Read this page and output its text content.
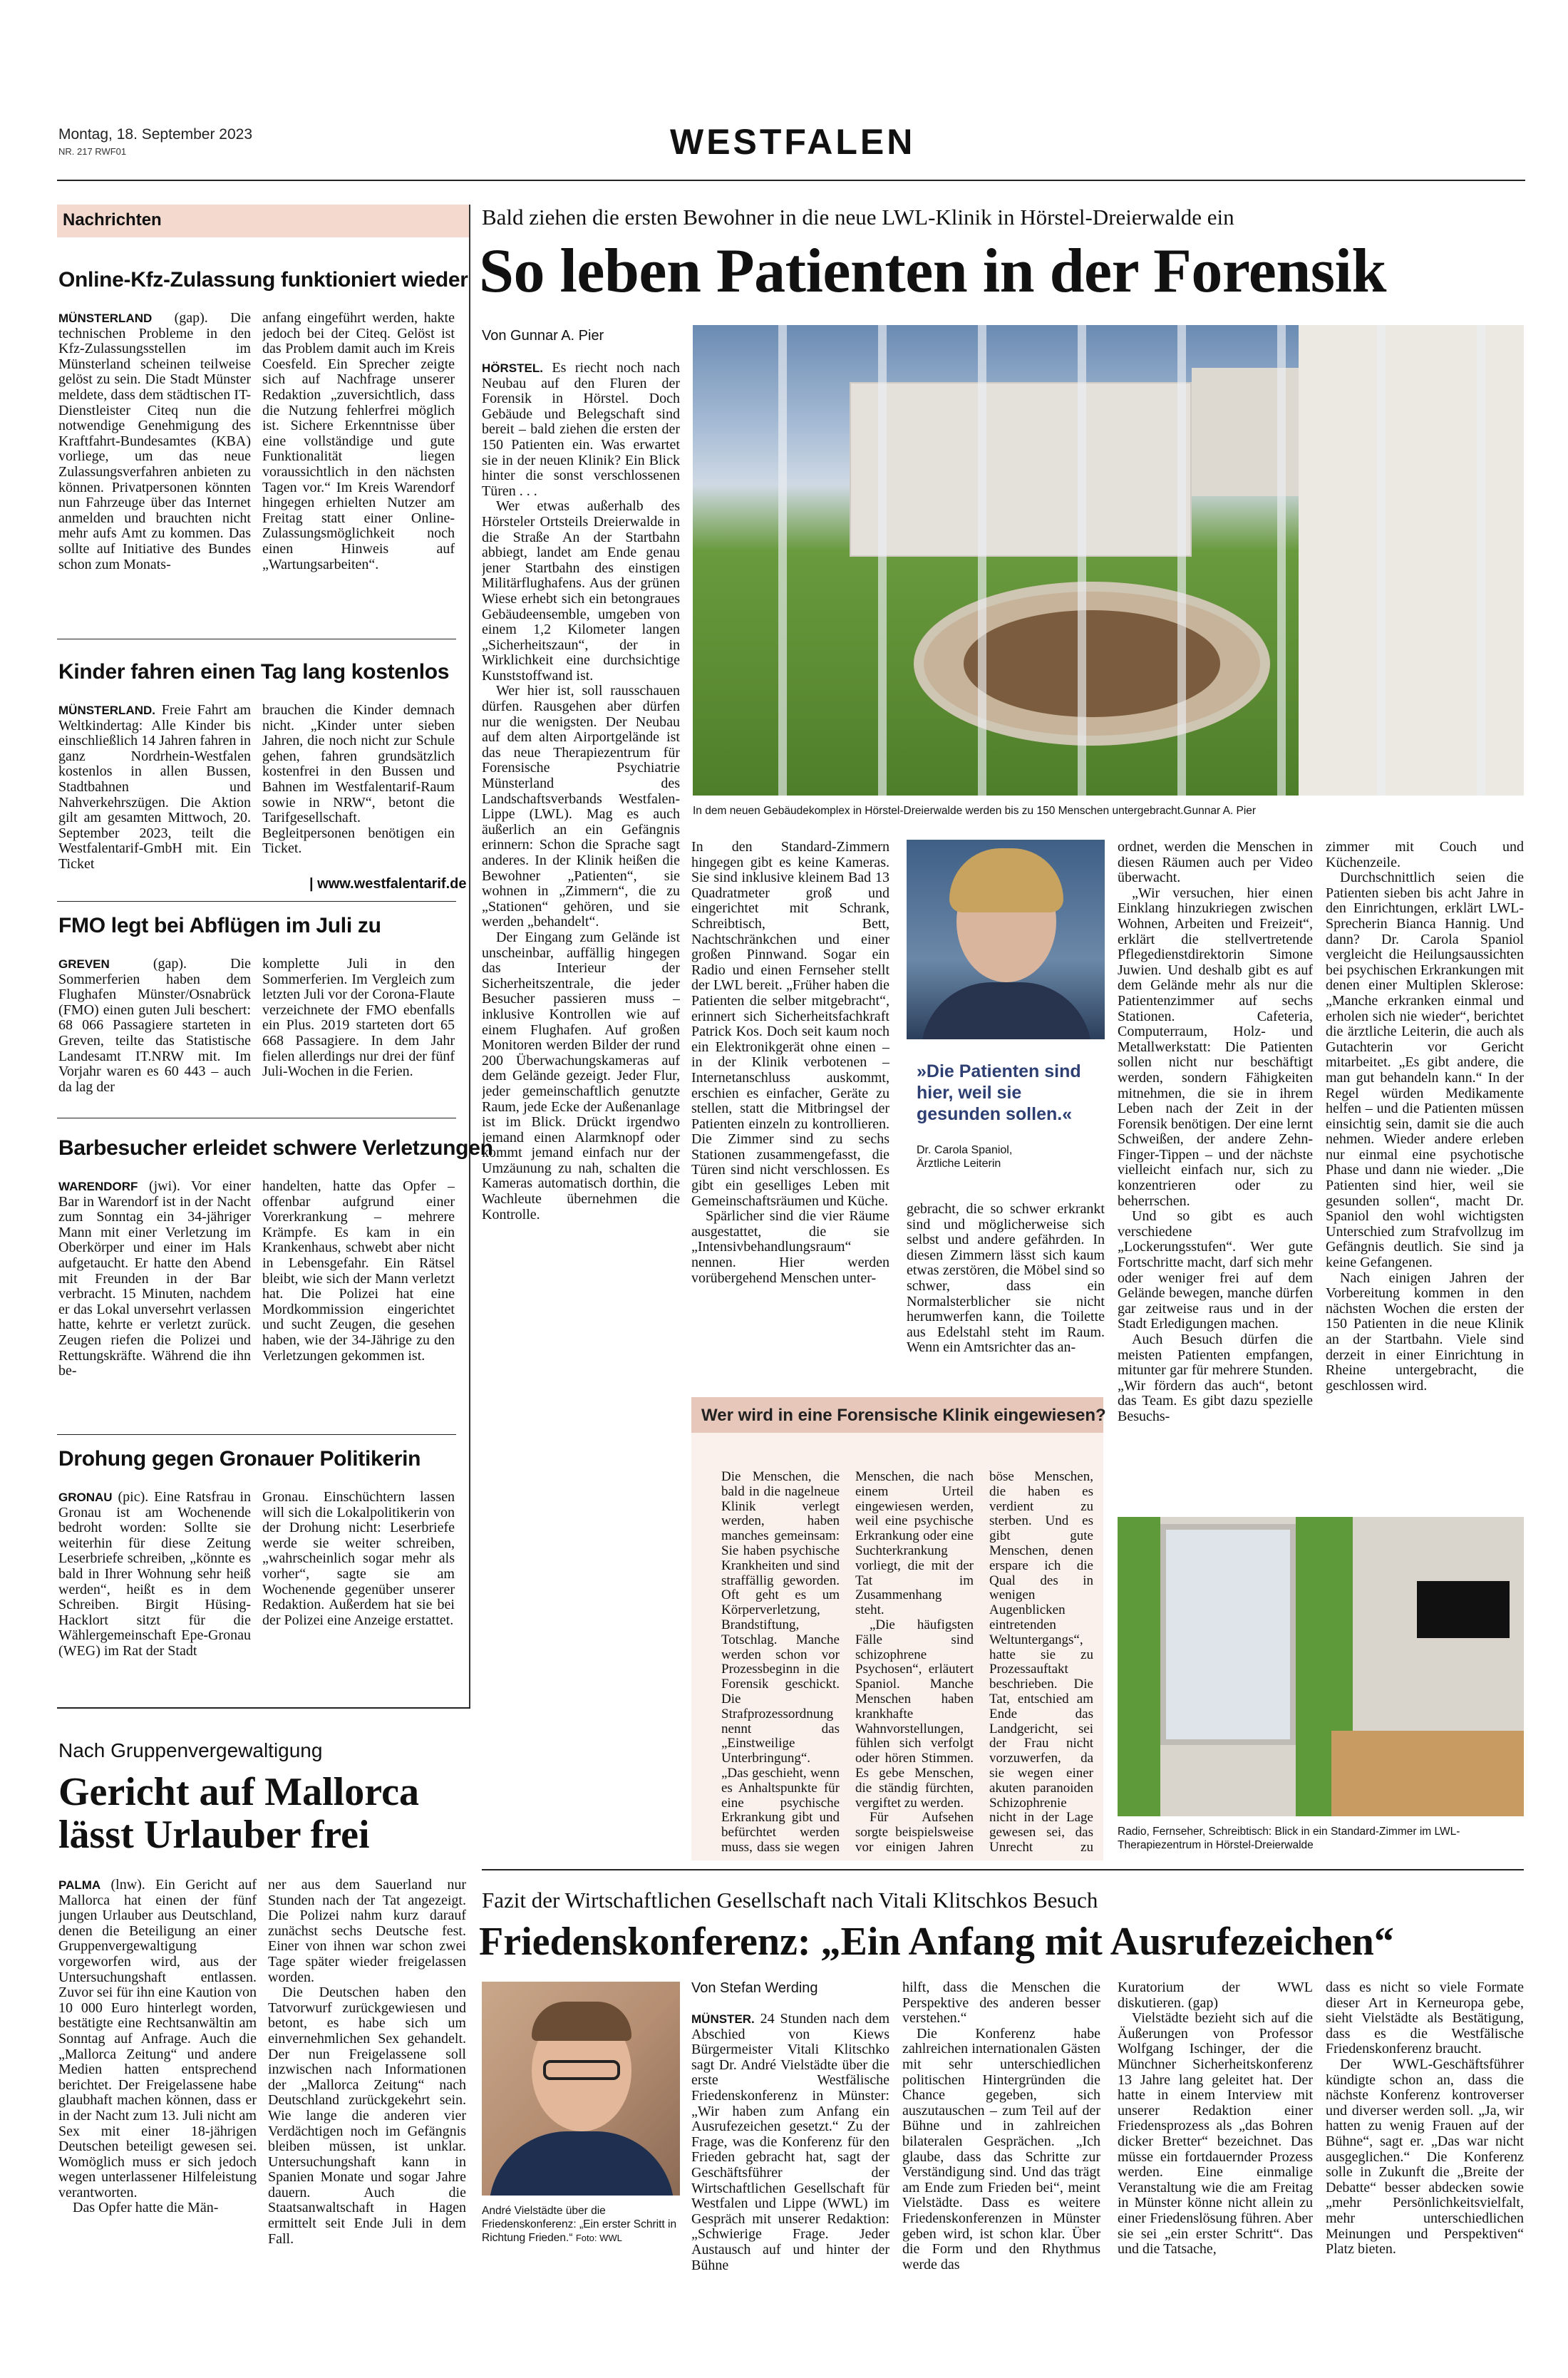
Montag, 18. September 2023
NR. 217 RWF01	WESTFALEN
Nachrichten
Online-Kfz-Zulassung funktioniert wieder

MÜNSTERLAND (gap). Die technischen Probleme in den Kfz-Zulassungsstellen im Münsterland scheinen teilweise gelöst zu sein. Die Stadt Münster meldete, dass dem städtischen IT-Dienstleister Citeq nun die notwendige Genehmigung des Kraftfahrt-Bundesamtes (KBA) vorliege, um das neue Zulassungsverfahren anbieten zu können. Privatpersonen könnten nun Fahrzeuge über das Internet anmelden und brauchten nicht mehr aufs Amt zu kommen. Das sollte auf Initiative des Bundes schon zum Monats-

anfang eingeführt werden, hakte jedoch bei der Citeq. Gelöst ist das Problem damit auch im Kreis Coesfeld. Ein Sprecher zeigte sich auf Nachfrage unserer Redaktion „zuversichtlich, dass die Nutzung fehlerfrei möglich ist. Sichere Erkenntnisse über eine vollständige und gute Funktionalität liegen voraussichtlich in den nächsten Tagen vor.“ Im Kreis Warendorf hingegen erhielten Nutzer am Freitag statt einer Online-Zulassungsmöglichkeit noch einen Hinweis auf „Wartungsarbeiten“.

Kinder fahren einen Tag lang kostenlos

MÜNSTERLAND. Freie Fahrt am Weltkindertag: Alle Kinder bis einschließlich 14 Jahren fahren in ganz Nordrhein-Westfalen kostenlos in allen Bussen, Stadtbahnen und Nahverkehrszügen. Die Aktion gilt am gesamten Mittwoch, 20. September 2023, teilt die Westfalentarif-GmbH mit. Ein Ticket

brauchen die Kinder demnach nicht. „Kinder unter sieben Jahren, die noch nicht zur Schule gehen, fahren grundsätzlich kostenfrei in den Bussen und Bahnen im Westfalentarif-Raum sowie in NRW“, betont die Tarifgesellschaft. Begleitpersonen benötigen ein Ticket.

| www.westfalentarif.de
FMO legt bei Abflügen im Juli zu

GREVEN (gap). Die Sommerferien haben dem Flughafen Münster/Osnabrück (FMO) einen guten Juli beschert: 68 066 Passagiere starteten in Greven, teilte das Statistische Landesamt IT.NRW mit. Im Vorjahr waren es 60 443 – auch da lag der

komplette Juli in den Sommerferien. Im Vergleich zum letzten Juli vor der Corona-Flaute verzeichnete der FMO ebenfalls ein Plus. 2019 starteten dort 65 668 Passagiere. In dem Jahr fielen allerdings nur drei der fünf Juli-Wochen in die Ferien.

Barbesucher erleidet schwere Verletzungen

WARENDORF (jwi). Vor einer Bar in Warendorf ist in der Nacht zum Sonntag ein 34-jähriger Mann mit einer Verletzung im Oberkörper und einer im Hals aufgetaucht. Er hatte den Abend mit Freunden in der Bar verbracht. 15 Minuten, nachdem er das Lokal unversehrt verlassen hatte, kehrte er verletzt zurück. Zeugen riefen die Polizei und Rettungskräfte. Während die ihn be-

handelten, hatte das Opfer – offenbar aufgrund einer Vorerkrankung – mehrere Krämpfe. Es kam in ein Krankenhaus, schwebt aber nicht in Lebensgefahr. Ein Rätsel bleibt, wie sich der Mann verletzt hat. Die Polizei hat eine Mordkommission eingerichtet und sucht Zeugen, die gesehen haben, wie der 34-Jährige zu den Verletzungen gekommen ist.

Drohung gegen Gronauer Politikerin

GRONAU (pic). Eine Ratsfrau in Gronau ist am Wochenende bedroht worden: Sollte sie weiterhin für diese Zeitung Leserbriefe schreiben, „könnte es bald in Ihrer Wohnung sehr heiß werden“, heißt es in dem Schreiben. Birgit Hüsing-Hacklort sitzt für die Wählergemeinschaft Epe-Gronau (WEG) im Rat der Stadt

Gronau. Einschüchtern lassen will sich die Lokalpolitikerin von der Drohung nicht: Leserbriefe werde sie weiter schreiben, „wahrscheinlich sogar mehr als vorher“, sagte sie am Wochenende gegenüber unserer Redaktion. Außerdem hat sie bei der Polizei eine Anzeige erstattet.

Nach Gruppenvergewaltigung
Gericht auf Mallorca lässt Urlauber frei

PALMA (lnw). Ein Gericht auf Mallorca hat einen der fünf jungen Urlauber aus Deutschland, denen die Beteiligung an einer Gruppenvergewaltigung vorgeworfen wird, aus der Untersuchungshaft entlassen. Zuvor sei für ihn eine Kaution von 10 000 Euro hinterlegt worden, bestätigte eine Rechtsanwältin am Sonntag auf Anfrage. Auch die „Mallorca Zeitung“ und andere Medien hatten entsprechend berichtet. Der Freigelassene habe glaubhaft machen können, dass er in der Nacht zum 13. Juli nicht am Sex mit einer 18-jährigen Deutschen beteiligt gewesen sei. Womöglich muss er sich jedoch wegen unterlassener Hilfeleistung verantworten.

Das Opfer hatte die Män-

ner aus dem Sauerland nur Stunden nach der Tat angezeigt. Die Polizei nahm kurz darauf zunächst sechs Deutsche fest. Einer von ihnen war schon zwei Tage später wieder freigelassen worden.

Die Deutschen haben den Tatvorwurf zurückgewiesen und betont, es habe sich um einvernehmlichen Sex gehandelt. Der nun Freigelassene soll inzwischen nach Informationen der „Mallorca Zeitung“ nach Deutschland zurückgekehrt sein. Wie lange die anderen vier Verdächtigen noch im Gefängnis bleiben müssen, ist unklar. Untersuchungshaft kann in Spanien Monate und sogar Jahre dauern. Auch die Staatsanwaltschaft in Hagen ermittelt seit Ende Juli in dem Fall.

Bald ziehen die ersten Bewohner in die neue LWL-Klinik in Hörstel-Dreierwalde ein
So leben Patienten in der Forensik
Von Gunnar A. Pier
In dem neuen Gebäudekomplex in Hörstel-Dreierwalde werden bis zu 150 Menschen untergebracht.Gunnar A. Pier

HÖRSTEL. Es riecht noch nach Neubau auf den Fluren der Forensik in Hörstel. Doch Gebäude und Belegschaft sind bereit – bald ziehen die ersten der 150 Patienten ein. Was erwartet sie in der neuen Klinik? Ein Blick hinter die sonst verschlossenen Türen . . .

Wer etwas außerhalb des Hörsteler Ortsteils Dreierwalde in die Straße An der Startbahn abbiegt, landet am Ende genau jener Startbahn des einstigen Militärflughafens. Aus der grünen Wiese erhebt sich ein betongraues Gebäudeensemble, umgeben von einem 1,2 Kilometer langen „Sicherheitszaun“, der in Wirklichkeit eine durchsichtige Kunststoffwand ist.

Wer hier ist, soll rausschauen dürfen. Rausgehen aber dürfen nur die wenigsten. Der Neubau auf dem alten Airportgelände ist das neue Therapiezentrum für Forensische Psychiatrie Münsterland des Landschaftsverbands Westfalen-Lippe (LWL). Mag es auch äußerlich an ein Gefängnis erinnern: Schon die Sprache sagt anderes. In der Klinik heißen die Bewohner „Patienten“, sie wohnen in „Zimmern“, die zu „Stationen“ gehören, und sie werden „behandelt“.

Der Eingang zum Gelände ist unscheinbar, auffällig hingegen das Interieur der Sicherheitszentrale, die jeder Besucher passieren muss – inklusive Kontrollen wie auf einem Flughafen. Auf großen Monitoren werden Bilder der rund 200 Überwachungskameras auf dem Gelände gezeigt. Jeder Flur, jeder gemeinschaftlich genutzte Raum, jede Ecke der Außenanlage ist im Blick. Drückt irgendwo jemand einen Alarmknopf oder kommt jemand einfach nur der Umzäunung zu nah, schalten die Kameras automatisch dorthin, die Wachleute übernehmen die Kontrolle.

In den Standard-Zimmern hingegen gibt es keine Kameras. Sie sind inklusive kleinem Bad 13 Quadratmeter groß und eingerichtet mit Schrank, Schreibtisch, Bett, Nachtschränkchen und einer großen Pinnwand. Sogar ein Radio und einen Fernseher stellt der LWL bereit. „Früher haben die Patienten die selber mitgebracht“, erinnert sich Sicherheitsfachkraft Patrick Kos. Doch seit kaum noch ein Elektronikgerät ohne einen – in der Klinik verbotenen – Internetanschluss auskommt, erschien es einfacher, Geräte zu stellen, statt die Mitbringsel der Patienten einzeln zu kontrollieren. Die Zimmer sind zu sechs Stationen zusammengefasst, die Türen sind nicht verschlossen. Es gibt ein geselliges Leben mit Gemeinschaftsräumen und Küche.

Spärlicher sind die vier Räume ausgestattet, die sie „Intensivbehandlungsraum“ nennen. Hier werden vorübergehend Menschen unter-

»Die Patienten sind hier, weil sie gesunden sollen.«
Dr. Carola Spaniol,
Ärztliche Leiterin

gebracht, die so schwer erkrankt sind und möglicherweise sich selbst und andere gefährden. In diesen Zimmern lässt sich kaum etwas zerstören, die Möbel sind so schwer, dass ein Normalsterblicher sie nicht herumwerfen kann, die Toilette aus Edelstahl steht im Raum. Wenn ein Amtsrichter das an-

ordnet, werden die Menschen in diesen Räumen auch per Video überwacht.

„Wir versuchen, hier einen Einklang hinzukriegen zwischen Wohnen, Arbeiten und Freizeit“, erklärt die stellvertretende Pflegedienstdirektorin Simone Juwien. Und deshalb gibt es auf dem Gelände mehr als nur die Patientenzimmer auf sechs Stationen. Cafeteria, Computerraum, Holz- und Metallwerkstatt: Die Patienten sollen nicht nur beschäftigt werden, sondern Fähigkeiten mitnehmen, die sie in ihrem Leben nach der Zeit in der Forensik benötigen. Der eine lernt Schweißen, der andere Zehn-Finger-Tippen – und der nächste vielleicht einfach nur, sich zu konzentrieren oder zu beherrschen.

Und so gibt es auch verschiedene „Lockerungsstufen“. Wer gute Fortschritte macht, darf sich mehr oder weniger frei auf dem Gelände bewegen, manche dürfen gar zeitweise raus und in der Stadt Erledigungen machen.

Auch Besuch dürfen die meisten Patienten empfangen, mitunter gar für mehrere Stunden. „Wir fördern das auch“, betont das Team. Es gibt dazu spezielle Besuchs-

zimmer mit Couch und Küchenzeile.

Durchschnittlich seien die Patienten sieben bis acht Jahre in den Einrichtungen, erklärt LWL-Sprecherin Bianca Hannig. Und dann? Dr. Carola Spaniol vergleicht die Heilungsaussichten bei psychischen Erkrankungen mit denen einer Multiplen Sklerose: „Manche erkranken einmal und erholen sich nie wieder“, berichtet die ärztliche Leiterin, die auch als Gutachterin vor Gericht mitarbeitet. „Es gibt andere, die man gut behandeln kann.“ In der Regel würden Medikamente helfen – und die Patienten müssen einsichtig sein, damit sie die auch nehmen. Wieder andere erleben nur einmal eine psychotische Phase und dann nie wieder. „Die Patienten sind hier, weil sie gesunden sollen“, macht Dr. Spaniol den wohl wichtigsten Unterschied zum Strafvollzug im Gefängnis deutlich. Sie sind ja keine Gefangenen.

Nach einigen Jahren der Vorbereitung kommen in den nächsten Wochen die ersten der 150 Patienten in die neue Klinik an der Startbahn. Viele sind derzeit in einer Einrichtung in Rheine untergebracht, die geschlossen wird.

Wer wird in eine Forensische Klinik eingewiesen?

Die Menschen, die bald in die nagelneue Klinik verlegt werden, haben manches gemeinsam: Sie haben psychische Krankheiten und sind straffällig geworden. Oft geht es um Körperverletzung, Brandstiftung, Totschlag. Manche werden schon vor Prozessbeginn in die Forensik geschickt. Die Strafprozessordnung nennt das „Einstweilige Unterbringung“. „Das geschieht, wenn es Anhaltspunkte für eine psychische Erkrankung gibt und befürchtet werden muss, dass sie wegen

Menschen, die nach einem Urteil eingewiesen werden, weil eine psychische Erkrankung oder eine Suchterkrankung vorliegt, die mit der Tat im Zusammenhang steht.

„Die häufigsten Fälle sind schizophrene Psychosen“, erläutert Spaniol. Manche Menschen haben krankhafte Wahnvorstellungen, fühlen sich verfolgt oder hören Stimmen. Es gebe Menschen, die ständig fürchten, vergiftet zu werden.

Für Aufsehen sorgte beispielsweise vor einigen Jahren

böse Menschen, die haben es verdient zu sterben. Und es gibt gute Menschen, denen ersparе ich die Qual des in wenigen Augenblicken eintretenden Weltuntergangs“, hatte sie zu Prozessauftakt beschrieben. Die Tat, entschied am Ende das Landgericht, sei der Frau nicht vorzuwerfen, da sie wegen einer akuten paranoiden Schizophrenie nicht in der Lage gewesen sei, das Unrecht zu

Radio, Fernseher, Schreibtisch: Blick in ein Standard-Zimmer im LWL-Therapiezentrum in Hörstel-Dreierwalde
Fazit der Wirtschaftlichen Gesellschaft nach Vitali Klitschkos Besuch
Friedenskonferenz: „Ein Anfang mit Ausrufezeichen“
André Vielstädte über die Friedenskonferenz: „Ein erster Schritt in Richtung Frieden.“ Foto: WWL
Von Stefan Werding

MÜNSTER. 24 Stunden nach dem Abschied von Kiews Bürgermeister Vitali Klitschko sagt Dr. André Vielstädte über die erste Westfälische Friedenskonferenz in Münster: „Wir haben zum Anfang ein Ausrufezeichen gesetzt.“ Zu der Frage, was die Konferenz für den Frieden gebracht hat, sagt der Geschäftsführer der Wirtschaftlichen Gesellschaft für Westfalen und Lippe (WWL) im Gespräch mit unserer Redaktion: „Schwierige Frage. Jeder Austausch auf und hinter der Bühne

hilft, dass die Menschen die Perspektive des anderen besser verstehen.“

Die Konferenz habe zahlreichen internationalen Gästen mit sehr unterschiedlichen politischen Hintergründen die Chance gegeben, sich auszutauschen – zum Teil auf der Bühne und in zahlreichen bilateralen Gesprächen. „Ich glaube, dass das Schritte zur Verständigung sind. Und das trägt am Ende zum Frieden bei“, meint Vielstädte. Dass es weitere Friedenskonferenzen in Münster geben wird, ist schon klar. Über die Form und den Rhythmus werde das

Kuratorium der WWL diskutieren. (gap)

Vielstädte bezieht sich auf die Äußerungen von Professor Wolfgang Ischinger, der die Münchner Sicherheitskonferenz 13 Jahre lang geleitet hat. Der hatte in einem Interview mit unserer Redaktion einer Friedensprozess als „das Bohren dicker Bretter“ bezeichnet. Das müsse ein fortdauernder Prozess werden. Eine einmalige Veranstaltung wie die am Freitag in Münster könne nicht allein zu einer Friedenslösung führen. Aber sie sei „ein erster Schritt“. Das und die Tatsache,

dass es nicht so viele Formate dieser Art in Kerneuropa gebe, sieht Vielstädte als Bestätigung, dass es die Westfälische Friedenskonferenz braucht.

Der WWL-Geschäftsführer kündigte schon an, dass die nächste Konferenz kontroverser und diverser werden soll. „Ja, wir hatten zu wenig Frauen auf der Bühne“, sagt er. „Das war nicht ausgeglichen.“ Die Konferenz solle in Zukunft die „Breite der Debatte“ besser abdecken sowie „mehr Persönlichkeitsvielfalt, mehr unterschiedlichen Meinungen und Perspektiven“ Platz bieten.
